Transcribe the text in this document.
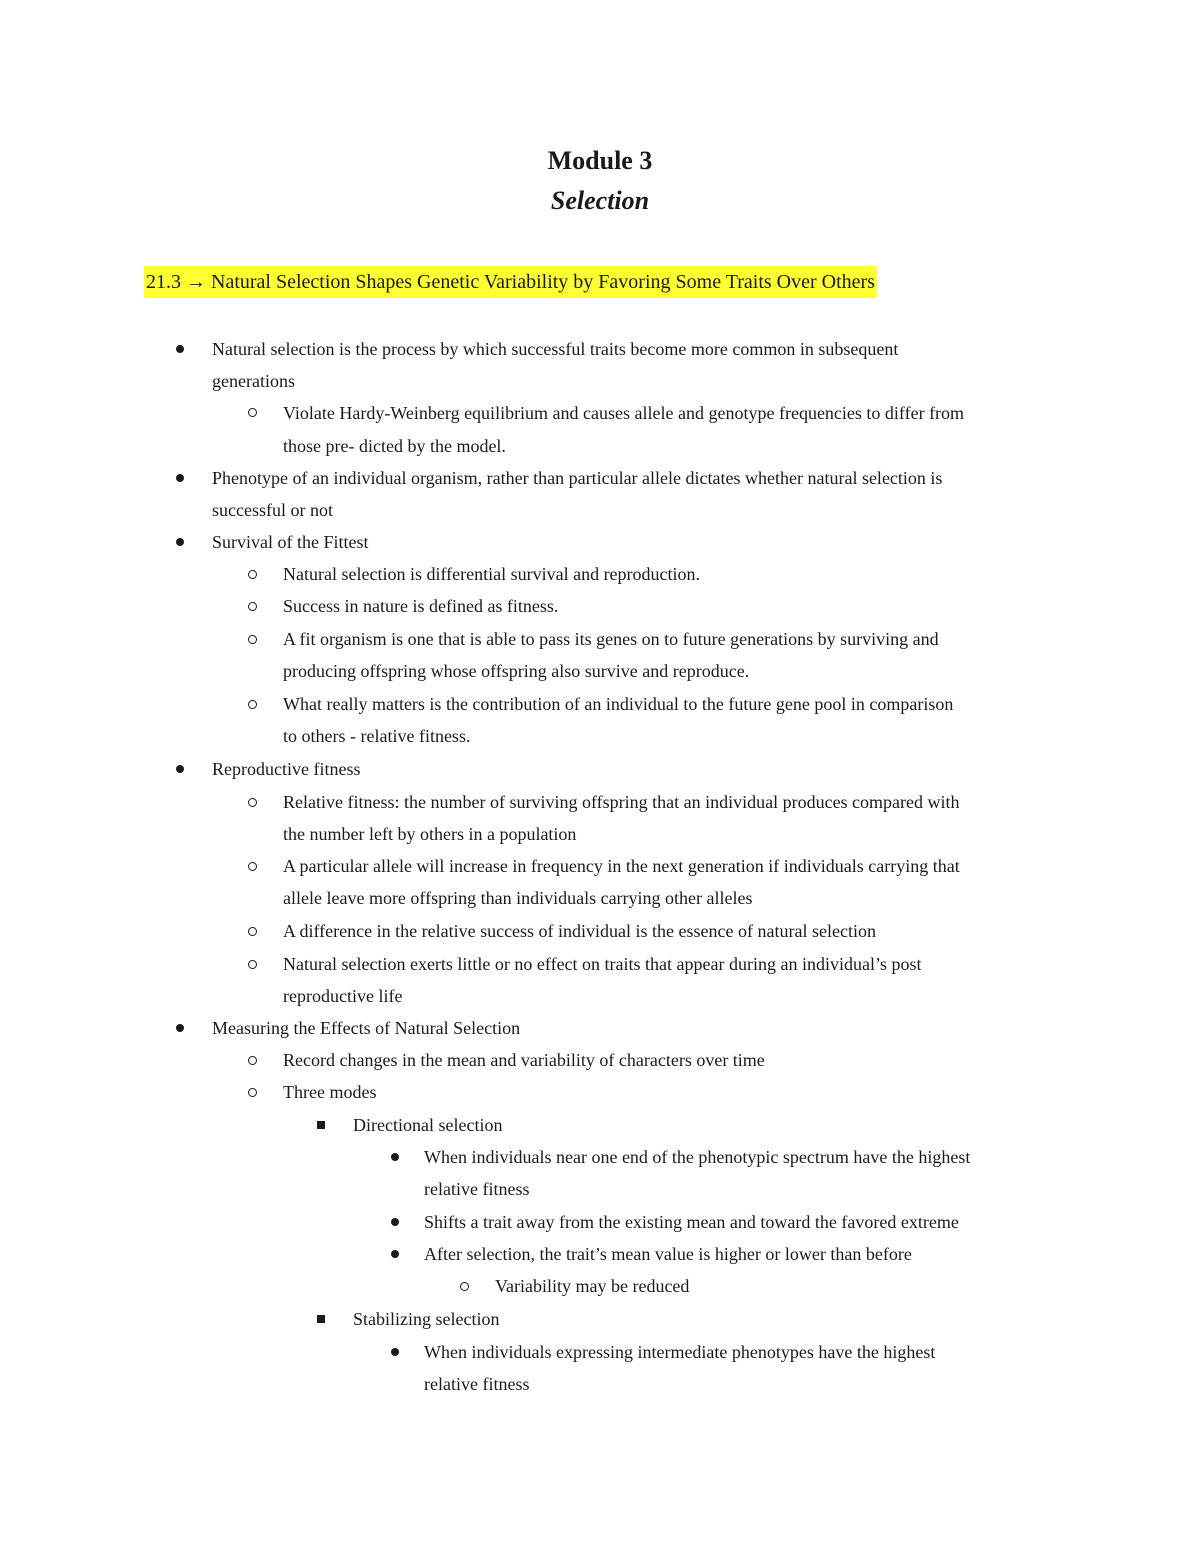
Module 3
Selection
21.3 → Natural Selection Shapes Genetic Variability by Favoring Some Traits Over Others
Natural selection is the process by which successful traits become more common in subsequent
generations
Violate Hardy-Weinberg equilibrium and causes allele and genotype frequencies to differ from
those pre- dicted by the model.
Phenotype of an individual organism, rather than particular allele dictates whether natural selection is
successful or not
Survival of the Fittest
Natural selection is differential survival and reproduction.
Success in nature is defined as fitness.
A fit organism is one that is able to pass its genes on to future generations by surviving and
producing offspring whose offspring also survive and reproduce.
What really matters is the contribution of an individual to the future gene pool in comparison
to others - relative fitness.
Reproductive fitness
Relative fitness: the number of surviving offspring that an individual produces compared with
the number left by others in a population
A particular allele will increase in frequency in the next generation if individuals carrying that
allele leave more offspring than individuals carrying other alleles
A difference in the relative success of individual is the essence of natural selection
Natural selection exerts little or no effect on traits that appear during an individual’s post
reproductive life
Measuring the Effects of Natural Selection
Record changes in the mean and variability of characters over time
Three modes
Directional selection
When individuals near one end of the phenotypic spectrum have the highest
relative fitness
Shifts a trait away from the existing mean and toward the favored extreme
After selection, the trait’s mean value is higher or lower than before
Variability may be reduced
Stabilizing selection
When individuals expressing intermediate phenotypes have the highest
relative fitness
